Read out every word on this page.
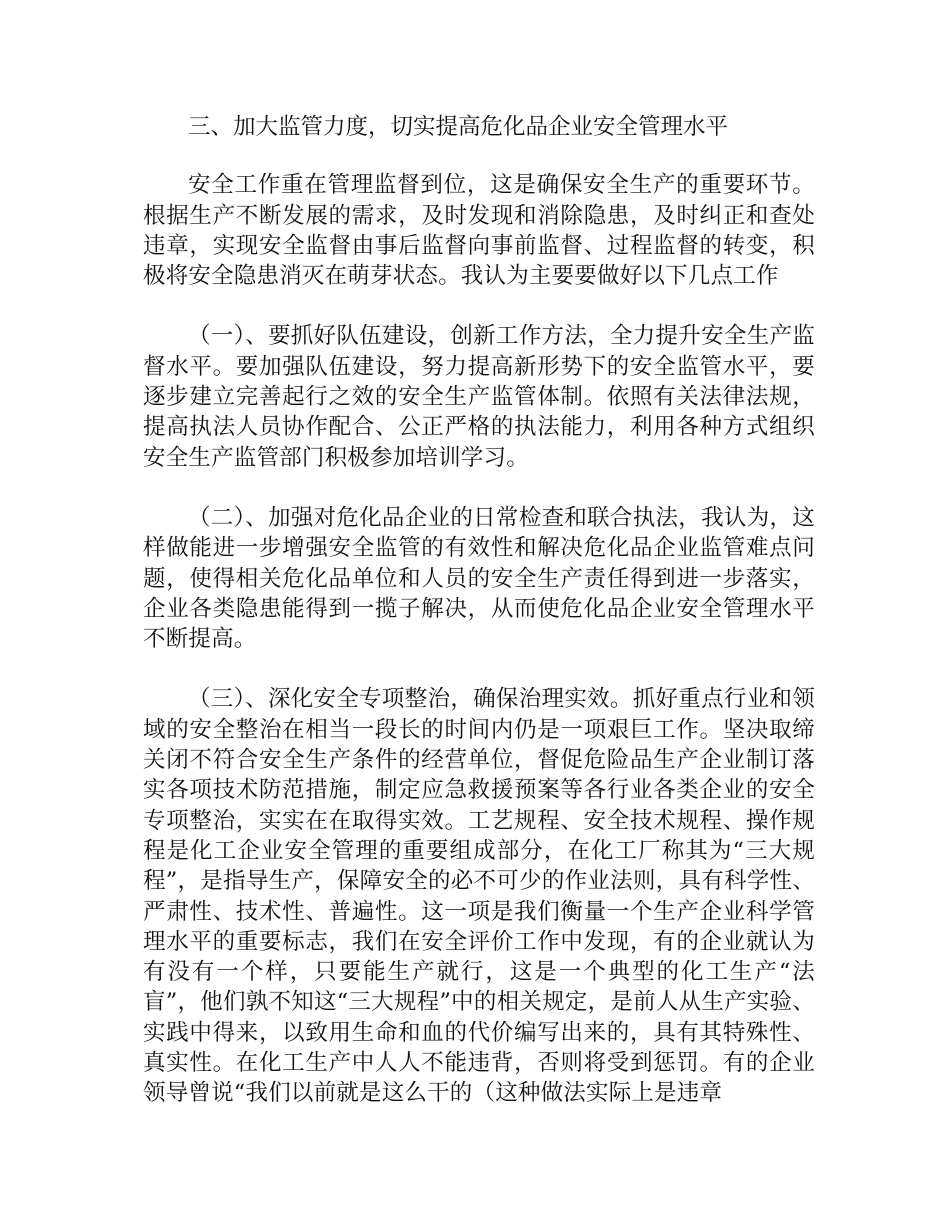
三、加大监管力度，切实提高危化品企业安全管理水平

安全工作重在管理监督到位，这是确保安全生产的重要环节。根据生产不断发展的需求，及时发现和消除隐患，及时纠正和查处违章，实现安全监督由事后监督向事前监督、过程监督的转变，积极将安全隐患消灭在萌芽状态。我认为主要要做好以下几点工作

（一）、要抓好队伍建设，创新工作方法，全力提升安全生产监督水平。要加强队伍建设，努力提高新形势下的安全监管水平，要逐步建立完善起行之效的安全生产监管体制。依照有关法律法规，提高执法人员协作配合、公正严格的执法能力，利用各种方式组织安全生产监管部门积极参加培训学习。

（二）、加强对危化品企业的日常检查和联合执法，我认为，这样做能进一步增强安全监管的有效性和解决危化品企业监管难点问题，使得相关危化品单位和人员的安全生产责任得到进一步落实，企业各类隐患能得到一揽子解决，从而使危化品企业安全管理水平不断提高。

（三）、深化安全专项整治，确保治理实效。抓好重点行业和领域的安全整治在相当一段长的时间内仍是一项艰巨工作。坚决取缔关闭不符合安全生产条件的经营单位，督促危险品生产企业制订落实各项技术防范措施，制定应急救援预案等各行业各类企业的安全专项整治，实实在在取得实效。工艺规程、安全技术规程、操作规程是化工企业安全管理的重要组成部分，在化工厂称其为“三大规程”，是指导生产，保障安全的必不可少的作业法则，具有科学性、严肃性、技术性、普遍性。这一项是我们衡量一个生产企业科学管理水平的重要标志，我们在安全评价工作中发现，有的企业就认为有没有一个样，只要能生产就行，这是一个典型的化工生产“法盲”，他们孰不知这“三大规程”中的相关规定，是前人从生产实验、实践中得来，以致用生命和血的代价编写出来的，具有其特殊性、真实性。在化工生产中人人不能违背，否则将受到惩罚。有的企业领导曾说“我们以前就是这么干的（这种做法实际上是违章
